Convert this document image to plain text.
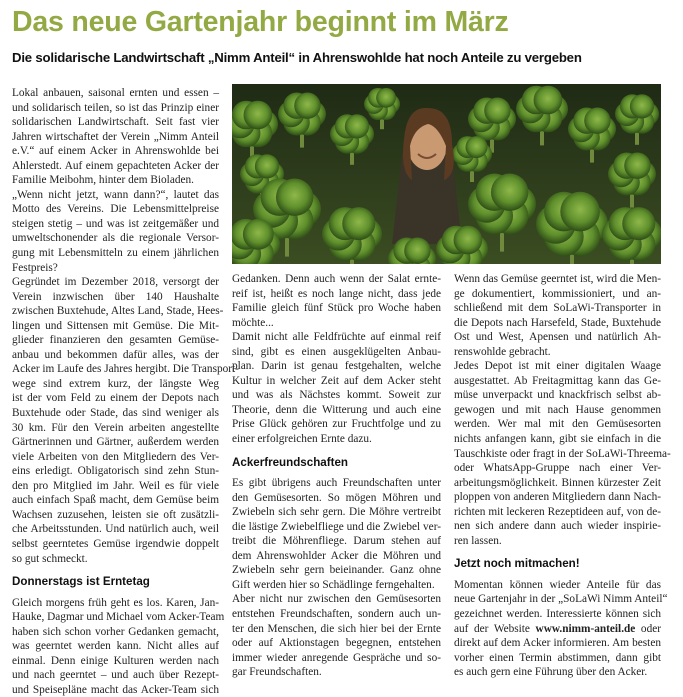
Das neue Gartenjahr beginnt im März
Die solidarische Landwirtschaft „Nimm Anteil“ in Ahrenswohlde hat noch Anteile zu vergeben

Lokal anbauen, saisonal ernten und essen –

und solidarisch teilen, so ist das Prinzip einer

solidarischen Landwirtschaft. Seit fast vier

Jahren wirtschaftet der Verein „Nimm Anteil

e.V.“ auf einem Acker in Ahrenswohlde bei

Ahlerstedt. Auf einem gepachteten Acker der

Familie Meibohm, hinter dem Bioladen.

„Wenn nicht jetzt, wann dann?“, lautet das

Motto des Vereins. Die Lebensmittelpreise

steigen stetig – und was ist zeitgemäßer und

umweltschonender als die regionale Versor-

gung mit Lebensmitteln zu einem jährlichen

Festpreis?

Gegründet im Dezember 2018, versorgt der

Verein inzwischen über 140 Haushalte

zwischen Buxtehude, Altes Land, Stade, Hees-

lingen und Sittensen mit Gemüse. Die Mit-

glieder finanzieren den gesamten Gemüse-

anbau und bekommen dafür alles, was der

Acker im Laufe des Jahres hergibt. Die Transport-

wege sind extrem kurz, der längste Weg

ist der vom Feld zu einem der Depots nach

Buxtehude oder Stade, das sind weniger als

30 km. Für den Verein arbeiten angestellte

Gärtnerinnen und Gärtner, außerdem werden

viele Arbeiten von den Mitgliedern des Ver-

eins erledigt. Obligatorisch sind zehn Stun-

den pro Mitglied im Jahr. Weil es für viele

auch einfach Spaß macht, dem Gemüse beim

Wachsen zuzusehen, leisten sie oft zusätzli-

che Arbeitsstunden. Und natürlich auch, weil

selbst geerntetes Gemüse irgendwie doppelt

so gut schmeckt.

Donnerstags ist Erntetag

Gleich morgens früh geht es los. Karen, Jan-

Hauke, Dagmar und Michael vom Acker-Team

haben sich schon vorher Gedanken gemacht,

was geerntet werden kann. Nicht alles auf

einmal. Denn einige Kulturen werden nach

und nach geerntet – und auch über Rezept-

und Speisepläne macht das Acker-Team sich

Gedanken. Denn auch wenn der Salat ernte-

reif ist, heißt es noch lange nicht, dass jede

Familie gleich fünf Stück pro Woche haben

möchte...

Damit nicht alle Feldfrüchte auf einmal reif

sind, gibt es einen ausgeklügelten Anbau-

plan. Darin ist genau festgehalten, welche

Kultur in welcher Zeit auf dem Acker steht

und was als Nächstes kommt. Soweit zur

Theorie, denn die Witterung und auch eine

Prise Glück gehören zur Fruchtfolge und zu

einer erfolgreichen Ernte dazu.

Ackerfreundschaften

Es gibt übrigens auch Freundschaften unter

den Gemüsesorten. So mögen Möhren und

Zwiebeln sich sehr gern. Die Möhre vertreibt

die lästige Zwiebelfliege und die Zwiebel ver-

treibt die Möhrenfliege. Darum stehen auf

dem Ahrenswohlder Acker die Möhren und

Zwiebeln sehr gern beieinander. Ganz ohne

Gift werden hier so Schädlinge ferngehalten.

Aber nicht nur zwischen den Gemüsesorten

entstehen Freundschaften, sondern auch un-

ter den Menschen, die sich hier bei der Ernte

oder auf Aktionstagen begegnen, entstehen

immer wieder anregende Gespräche und so-

gar Freundschaften.

Wenn das Gemüse geerntet ist, wird die Men-

ge dokumentiert, kommissioniert, und an-

schließend mit dem SoLaWi-Transporter in

die Depots nach Harsefeld, Stade, Buxtehude

Ost und West, Apensen und natürlich Ah-

renswohlde gebracht.

Jedes Depot ist mit einer digitalen Waage

ausgestattet. Ab Freitagmittag kann das Ge-

müse unverpackt und knackfrisch selbst ab-

gewogen und mit nach Hause genommen

werden. Wer mal mit den Gemüsesorten

nichts anfangen kann, gibt sie einfach in die

Tauschkiste oder fragt in der SoLaWi-Threema-

oder WhatsApp-Gruppe nach einer Ver-

arbeitungsmöglichkeit. Binnen kürzester Zeit

ploppen von anderen Mitgliedern dann Nach-

richten mit leckeren Rezeptideen auf, von de-

nen sich andere dann auch wieder inspirie-

ren lassen.

Jetzt noch mitmachen!

Momentan können wieder Anteile für das

neue Gartenjahr in der „SoLaWi Nimm Anteil“

gezeichnet werden. Interessierte können sich

auf der Website www.nimm-anteil.de oder

direkt auf dem Acker informieren. Am besten

vorher einen Termin abstimmen, dann gibt

es auch gern eine Führung über den Acker.
